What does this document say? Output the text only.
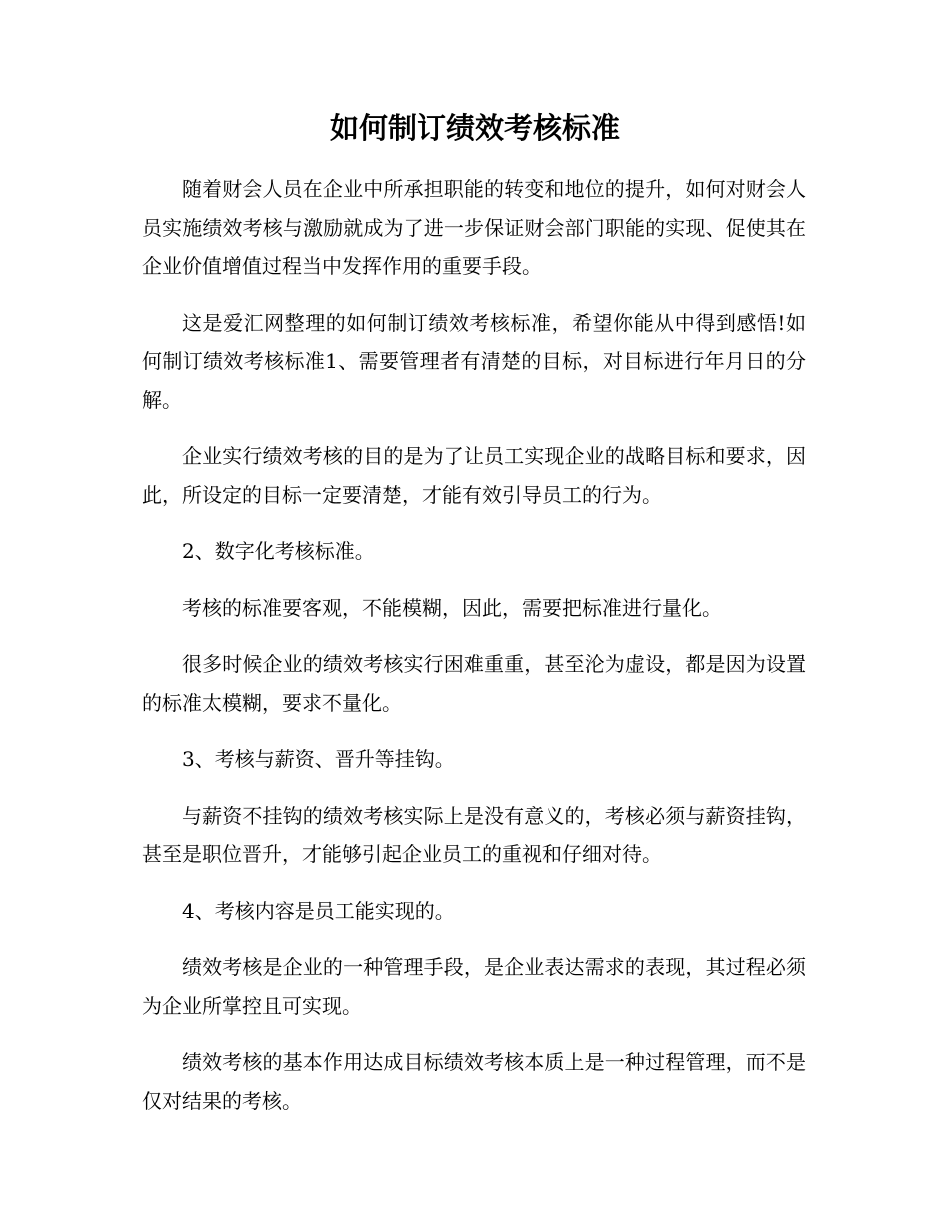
如何制订绩效考核标准

随着财会人员在企业中所承担职能的转变和地位的提升，如何对财会人员实施绩效考核与激励就成为了进一步保证财会部门职能的实现、促使其在企业价值增值过程当中发挥作用的重要手段。

这是爱汇网整理的如何制订绩效考核标准，希望你能从中得到感悟!如何制订绩效考核标准1、需要管理者有清楚的目标，对目标进行年月日的分解。

企业实行绩效考核的目的是为了让员工实现企业的战略目标和要求，因此，所设定的目标一定要清楚，才能有效引导员工的行为。

2、数字化考核标准。

考核的标准要客观，不能模糊，因此，需要把标准进行量化。

很多时候企业的绩效考核实行困难重重，甚至沦为虚设，都是因为设置的标准太模糊，要求不量化。

3、考核与薪资、晋升等挂钩。

与薪资不挂钩的绩效考核实际上是没有意义的，考核必须与薪资挂钩，甚至是职位晋升，才能够引起企业员工的重视和仔细对待。

4、考核内容是员工能实现的。

绩效考核是企业的一种管理手段，是企业表达需求的表现，其过程必须为企业所掌控且可实现。

绩效考核的基本作用达成目标绩效考核本质上是一种过程管理，而不是仅对结果的考核。
